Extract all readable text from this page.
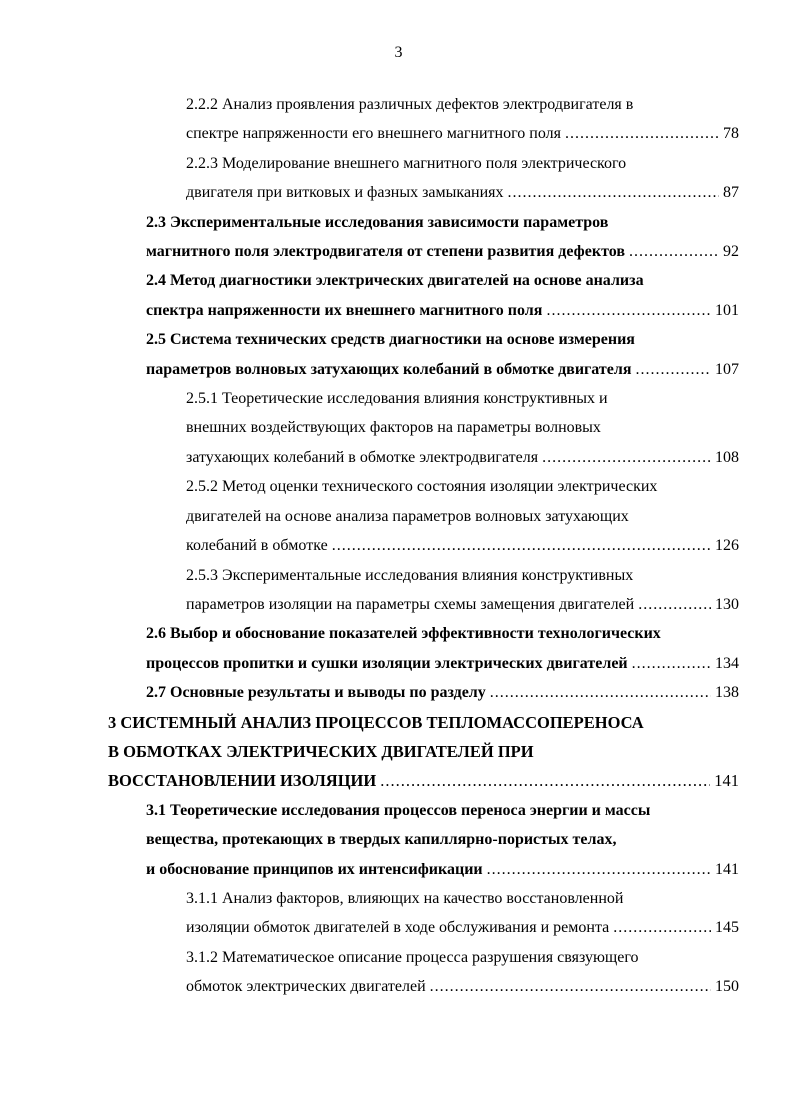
3
2.2.2 Анализ проявления различных дефектов электродвигателя в
спектре напряженности его внешнего магнитного поля .....	78
2.2.3 Моделирование внешнего магнитного поля электрического
двигателя при витковых и фазных замыканиях .....	87
2.3 Экспериментальные исследования зависимости параметров
магнитного поля электродвигателя от степени развития дефектов .....	92
2.4 Метод диагностики электрических двигателей на основе анализа
спектра напряженности их внешнего магнитного поля .....	101
2.5 Система технических средств диагностики на основе измерения
параметров волновых затухающих колебаний в обмотке двигателя .....	107
2.5.1 Теоретические исследования влияния конструктивных и
внешних воздействующих факторов на параметры волновых
затухающих колебаний в обмотке электродвигателя .....	108
2.5.2 Метод оценки технического состояния изоляции электрических
двигателей на основе анализа параметров волновых затухающих
колебаний в обмотке .....	126
2.5.3 Экспериментальные исследования влияния конструктивных
параметров изоляции на параметры схемы замещения двигателей .....	130
2.6 Выбор и обоснование показателей эффективности технологических
процессов пропитки и сушки изоляции электрических двигателей .....	134
2.7 Основные результаты и выводы по разделу .....	138
3 СИСТЕМНЫЙ АНАЛИЗ ПРОЦЕССОВ ТЕПЛОМАССОПЕРЕНОСА
В ОБМОТКАХ ЭЛЕКТРИЧЕСКИХ ДВИГАТЕЛЕЙ ПРИ
ВОССТАНОВЛЕНИИ ИЗОЛЯЦИИ .....	141
3.1 Теоретические исследования процессов переноса энергии и массы
вещества, протекающих в твердых капиллярно-пористых телах,
и обоснование принципов их интенсификации .....	141
3.1.1 Анализ факторов, влияющих на качество восстановленной
изоляции обмоток двигателей в ходе обслуживания и ремонта .....	145
3.1.2 Математическое описание процесса разрушения связующего
обмоток электрических двигателей .....	150
